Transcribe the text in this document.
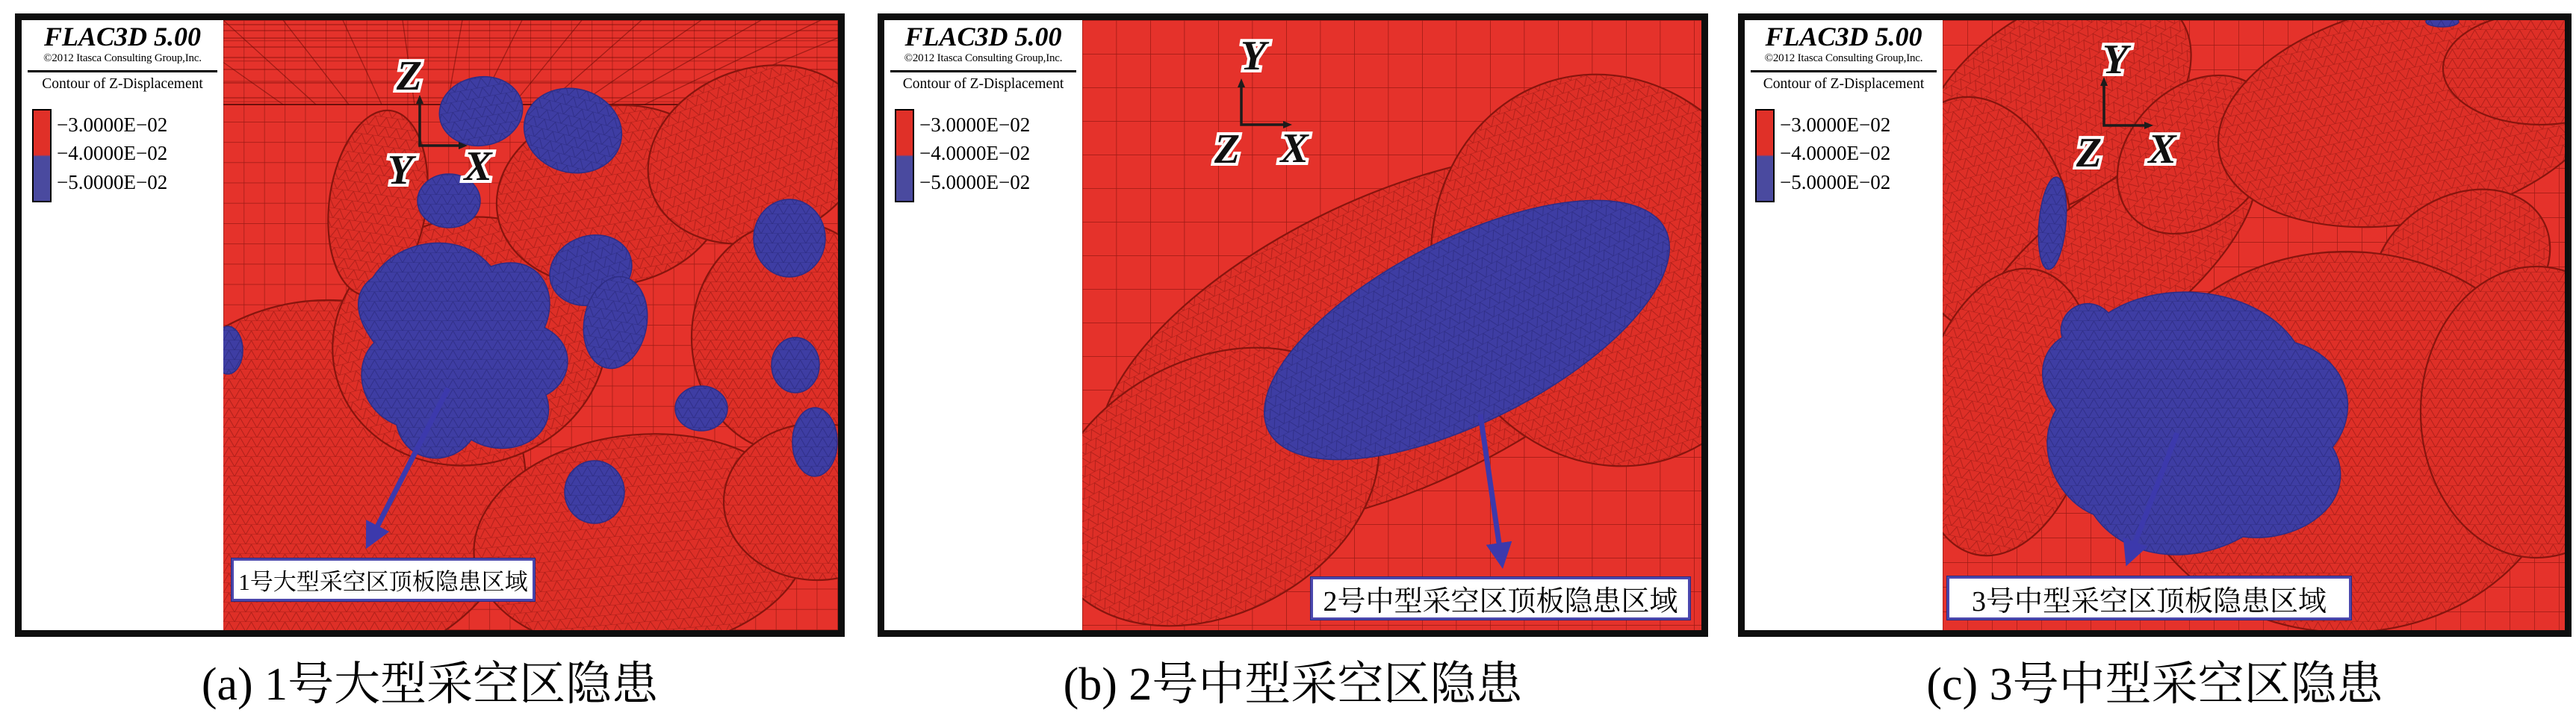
Z
Y X
FLAC3D 5.00
©2012 Itasca Consulting Group,Inc.
Contour of Z-Displacement
−3.0000E−02
−4.0000E−02
−5.0000E−02
1号大型采空区顶板隐患区域
(a) 1号大型采空区隐患
Y
Z X
FLAC3D 5.00
©2012 Itasca Consulting Group,Inc.
Contour of Z-Displacement
−3.0000E−02
−4.0000E−02
−5.0000E−02
2号中型采空区顶板隐患区域
(b) 2号中型采空区隐患
Y
Z X
FLAC3D 5.00
©2012 Itasca Consulting Group,Inc.
Contour of Z-Displacement
−3.0000E−02
−4.0000E−02
−5.0000E−02
3号中型采空区顶板隐患区域
(c) 3号中型采空区隐患
